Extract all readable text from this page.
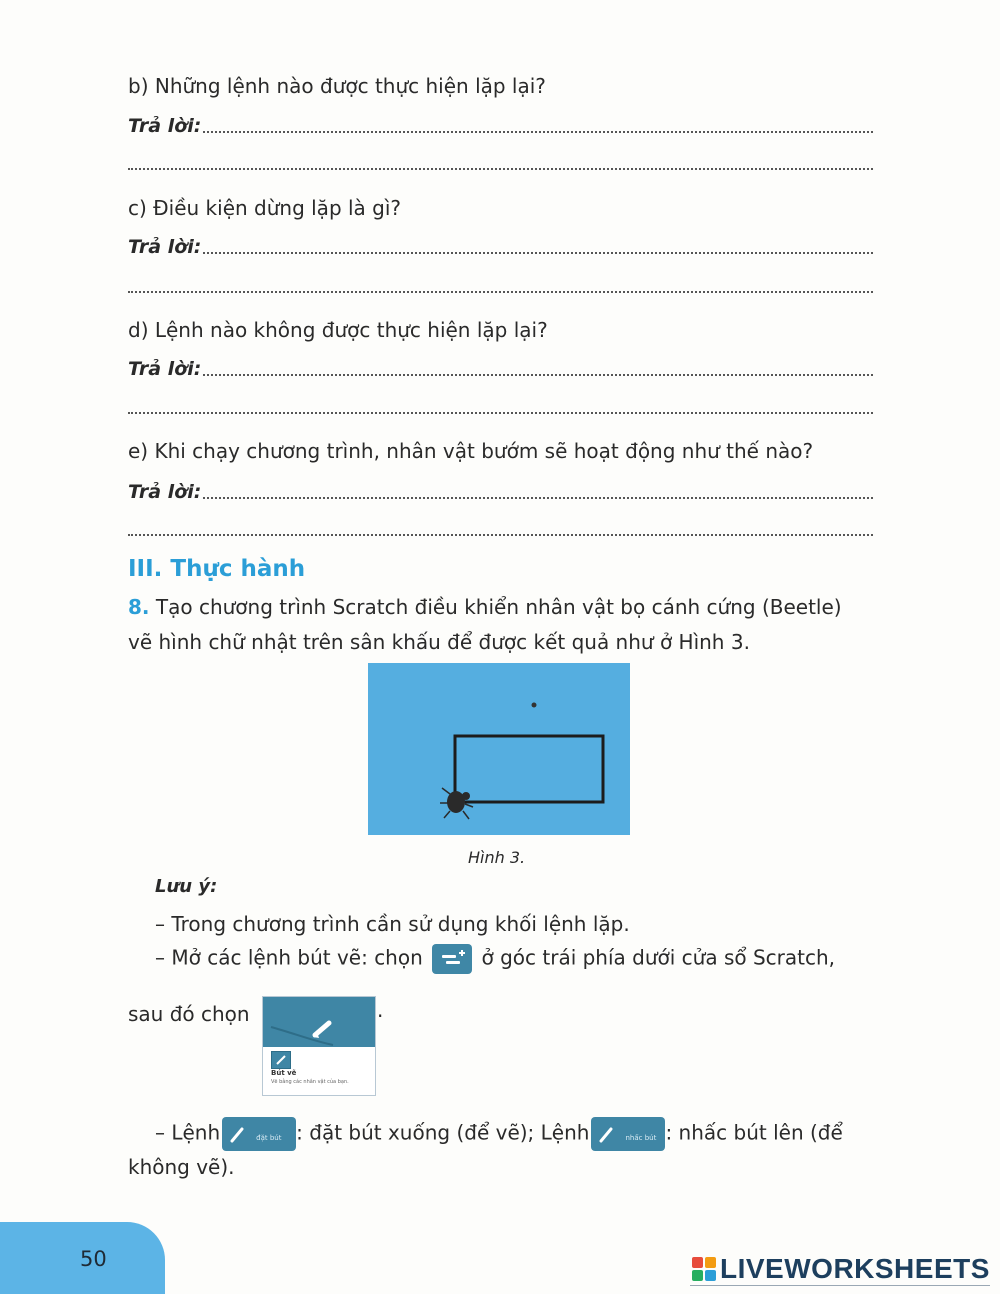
b) Những lệnh nào được thực hiện lặp lại?
Trả lời:
c) Điều kiện dừng lặp là gì?
Trả lời:
d) Lệnh nào không được thực hiện lặp lại?
Trả lời:
e) Khi chạy chương trình, nhân vật bướm sẽ hoạt động như thế nào?
Trả lời:
III. Thực hành
8. Tạo chương trình Scratch điều khiển nhân vật bọ cánh cứng (Beetle)
vẽ hình chữ nhật trên sân khấu để được kết quả như ở Hình 3.
Hình 3.
Lưu ý:
– Trong chương trình cần sử dụng khối lệnh lặp.
– Mở các lệnh bút vẽ: chọn	ở góc trái phía dưới cửa sổ Scratch,
sau đó chọn
Bút vẽ
Vẽ bằng các nhân vật của bạn.
.
– Lệnh	đặt bút : đặt bút xuống (để vẽ); Lệnh	nhấc bút : nhấc bút lên (để
không vẽ).
50	LIVEWORKSHEETS
